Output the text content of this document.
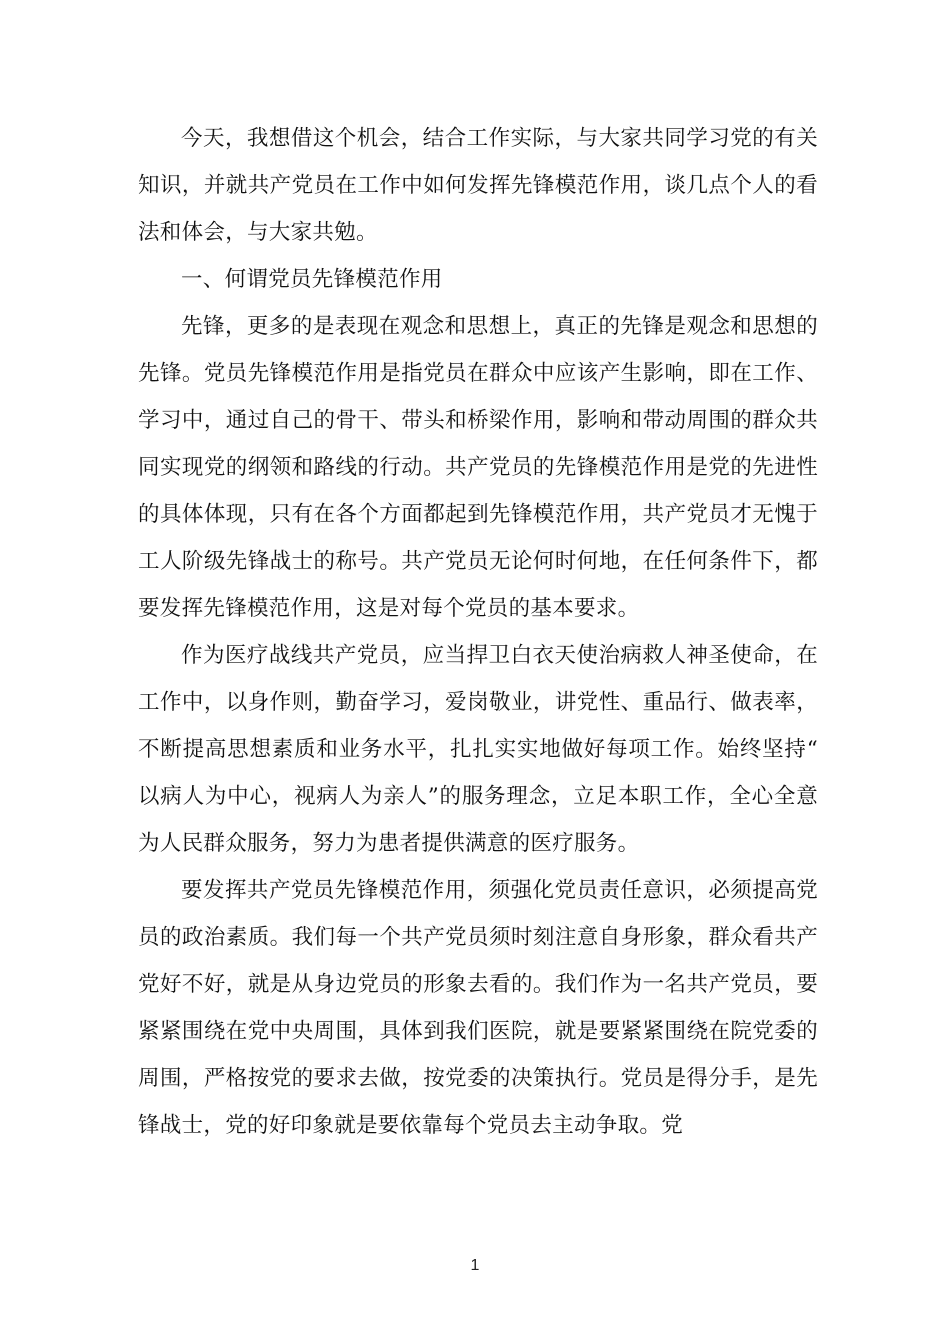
今天，我想借这个机会，结合工作实际，与大家共同学习党的有关知识，并就共产党员在工作中如何发挥先锋模范作用，谈几点个人的看法和体会，与大家共勉。

一、何谓党员先锋模范作用

先锋，更多的是表现在观念和思想上，真正的先锋是观念和思想的先锋。党员先锋模范作用是指党员在群众中应该产生影响，即在工作、学习中，通过自己的骨干、带头和桥梁作用，影响和带动周围的群众共同实现党的纲领和路线的行动。共产党员的先锋模范作用是党的先进性的具体体现，只有在各个方面都起到先锋模范作用，共产党员才无愧于工人阶级先锋战士的称号。共产党员无论何时何地，在任何条件下，都要发挥先锋模范作用，这是对每个党员的基本要求。

作为医疗战线共产党员，应当捍卫白衣天使治病救人神圣使命，在工作中，以身作则，勤奋学习，爱岗敬业，讲党性、重品行、做表率，不断提高思想素质和业务水平，扎扎实实地做好每项工作。始终坚持“以病人为中心，视病人为亲人”的服务理念，立足本职工作，全心全意为人民群众服务，努力为患者提供满意的医疗服务。

要发挥共产党员先锋模范作用，须强化党员责任意识，必须提高党员的政治素质。我们每一个共产党员须时刻注意自身形象，群众看共产党好不好，就是从身边党员的形象去看的。我们作为一名共产党员，要紧紧围绕在党中央周围，具体到我们医院，就是要紧紧围绕在院党委的周围，严格按党的要求去做，按党委的决策执行。党员是得分手，是先锋战士，党的好印象就是要依靠每个党员去主动争取。党

1
